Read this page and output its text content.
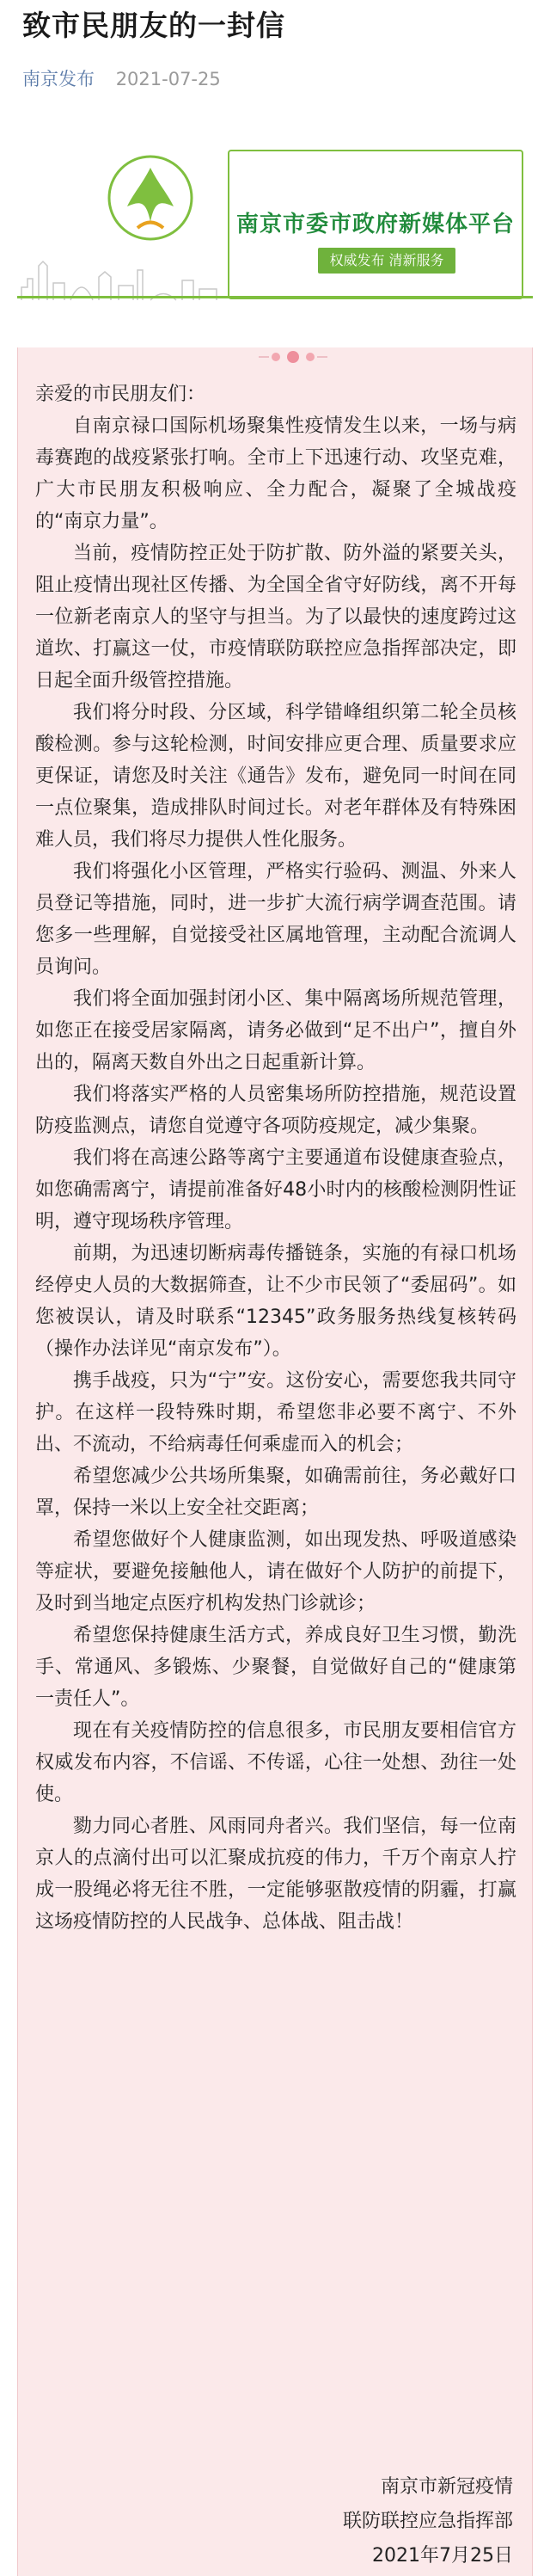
致市民朋友的一封信
南京发布 2021-07-25
南京市委市政府新媒体平台
权威发布 清新服务

亲爱的市民朋友们：

自南京禄口国际机场聚集性疫情发生以来，一场与病毒赛跑的战疫紧张打响。全市上下迅速行动、攻坚克难，广大市民朋友积极响应、全力配合，凝聚了全城战疫的“南京力量”。

当前，疫情防控正处于防扩散、防外溢的紧要关头，阻止疫情出现社区传播、为全国全省守好防线，离不开每一位新老南京人的坚守与担当。为了以最快的速度跨过这道坎、打赢这一仗，市疫情联防联控应急指挥部决定，即日起全面升级管控措施。

我们将分时段、分区域，科学错峰组织第二轮全员核酸检测。参与这轮检测，时间安排应更合理、质量要求应更保证，请您及时关注《通告》发布，避免同一时间在同一点位聚集，造成排队时间过长。对老年群体及有特殊困难人员，我们将尽力提供人性化服务。

我们将强化小区管理，严格实行验码、测温、外来人员登记等措施，同时，进一步扩大流行病学调查范围。请您多一些理解，自觉接受社区属地管理，主动配合流调人员询问。

我们将全面加强封闭小区、集中隔离场所规范管理，如您正在接受居家隔离，请务必做到“足不出户”，擅自外出的，隔离天数自外出之日起重新计算。

我们将落实严格的人员密集场所防控措施，规范设置防疫监测点，请您自觉遵守各项防疫规定，减少集聚。

我们将在高速公路等离宁主要通道布设健康查验点，如您确需离宁，请提前准备好48小时内的核酸检测阴性证明，遵守现场秩序管理。

前期，为迅速切断病毒传播链条，实施的有禄口机场经停史人员的大数据筛查，让不少市民领了“委屈码”。如您被误认，请及时联系“12345”政务服务热线复核转码（操作办法详见“南京发布”）。

携手战疫，只为“宁”安。这份安心，需要您我共同守护。在这样一段特殊时期，希望您非必要不离宁、不外出、不流动，不给病毒任何乘虚而入的机会；

希望您减少公共场所集聚，如确需前往，务必戴好口罩，保持一米以上安全社交距离；

希望您做好个人健康监测，如出现发热、呼吸道感染等症状，要避免接触他人，请在做好个人防护的前提下，及时到当地定点医疗机构发热门诊就诊；

希望您保持健康生活方式，养成良好卫生习惯，勤洗手、常通风、多锻炼、少聚餐，自觉做好自己的“健康第一责任人”。

现在有关疫情防控的信息很多，市民朋友要相信官方权威发布内容，不信谣、不传谣，心往一处想、劲往一处使。

勠力同心者胜、风雨同舟者兴。我们坚信，每一位南京人的点滴付出可以汇聚成抗疫的伟力，千万个南京人拧成一股绳必将无往不胜，一定能够驱散疫情的阴霾，打赢这场疫情防控的人民战争、总体战、阻击战！

南京市新冠疫情
联防联控应急指挥部
2021年7月25日
